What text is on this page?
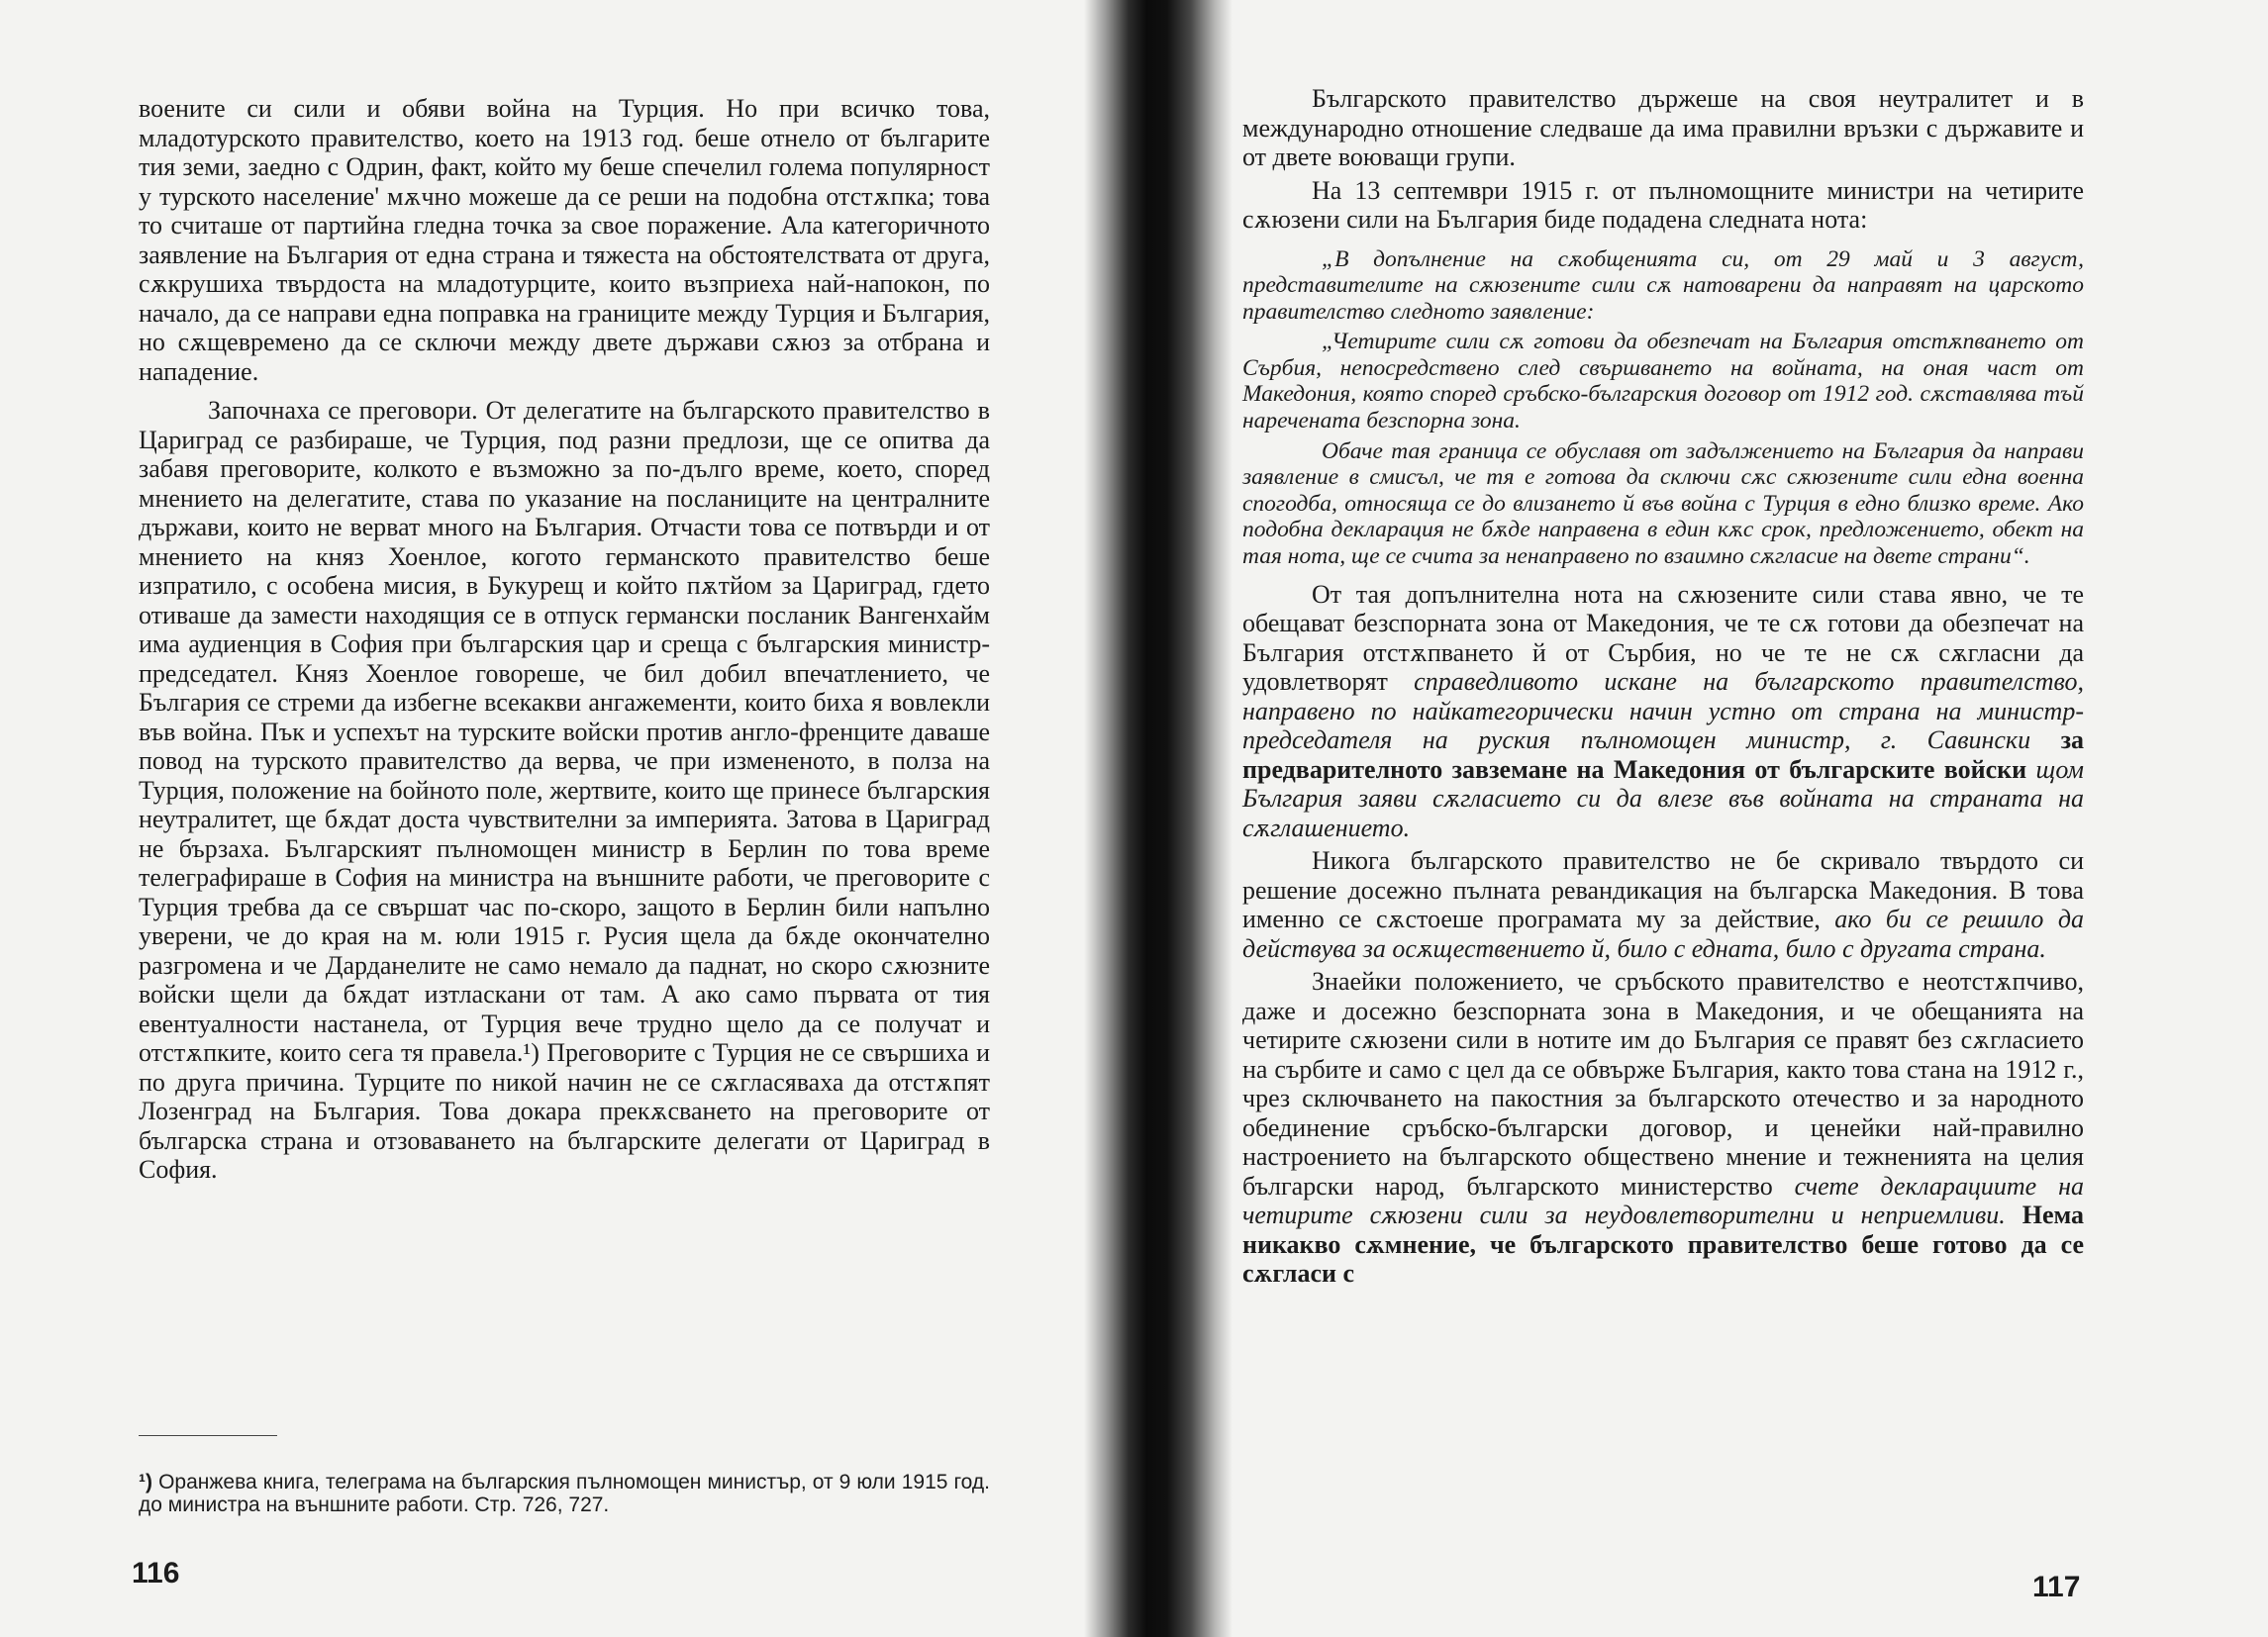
военитe си сили и обяви война на Турция. Но при всичко това, младотурското правителство, което на 1913 год. беше отнело от българите тия земи, заедно с Одрин, факт, който му беше спечелил голема популярност у турското население' мѫчно можеше да се реши на подобна отстѫпка; това то считаше от партийна гледна точка за свое поражение. Ала категоричното заявление на България от една страна и тяжеста на обстоятелствата от друга, сѫкрушиха твърдоста на младотурците, които възприеха най-напокон, по начало, да се направи една поправка на границите между Турция и България, но сѫщевремено да се сключи между двете държави сѫюз за отбрана и нападение.

Започнаха се преговори. От делегатите на българското правителство в Цариград се разбираше, че Турция, под разни предлози, ще се опитва да забавя преговорите, колкото е възможно за по-дълго време, което, според мнението на делегатите, става по указание на посланиците на централните държави, които не верват много на България. Отчасти това се потвърди и от мнението на княз Хоенлое, когото германското правителство беше изпратило, с особена мисия, в Букурещ и който пѫтйом за Цариград, гдето отиваше да замести находящия се в отпуск германски посланик Вангенхайм има аудиенция в София при българския цар и среща с българския министр-председател. Княз Хоенлое говореше, че бил добил впечатлението, че България се стреми да избегне всекакви ангажементи, които биха я вовлекли във война. Пък и успехът на турските войски против англо-френците даваше повод на турското правителство да верва, че при измененото, в полза на Турция, положение на бойното поле, жертвите, които ще принесе българския неутралитет, ще бѫдат доста чувствителни за империята. Затова в Цариград не бързаха. Българският пълномощен министр в Берлин по това време телеграфираше в София на министра на външните работи, че преговорите с Турция требва да се свършат час по-скоро, защото в Берлин били напълно уверени, че до края на м. юли 1915 г. Русия щела да бѫде окончателно разгромена и че Дарданелите не само немало да паднат, но скоро сѫюзните войски щели да бѫдат изтласкани от там. А ако само първата от тия евентуалности настанела, от Турция вече трудно щело да се получат и отстѫпките, които сега тя правела.¹) Преговорите с Турция не се свършиха и по друга причина. Турците по никой начин не се сѫгласяваха да отстѫпят Лозенград на България. Това докара прекѫсването на преговорите от българска страна и отзоваването на българските делегати от Цариград в София.

¹) Оранжева книга, телеграма на българския пълномощен министър, от 9 юли 1915 год. до министра на външните работи. Стр. 726, 727.
116

Българското правителство държеше на своя неутралитет и в международно отношение следваше да има правилни връзки с държавите и от двете воюващи групи.

На 13 септември 1915 г. от пълномощните министри на четирите сѫюзени сили на България биде подадена следната нота:

„В допълнение на сѫобщенията си, от 29 май и 3 август, представителите на сѫюзените сили сѫ натоварени да направят на царското правителство следното заявление:

„Четирите сили сѫ готови да обезпечат на България отстѫпването от Сърбия, непосредствено след свършването на войната, на оная част от Македония, която според сръбско-българския договор от 1912 год. сѫставлява тъй наречената безспорна зона.

Обаче тая граница се обуславя от задължението на България да направи заявление в смисъл, че тя е готова да сключи сѫс сѫюзените сили една военна спогодба, относяща се до влизането й във война с Турция в едно близко време. Ако подобна декларация не бѫде направена в един кѫс срок, предложението, обект на тая нота, ще се счита за ненаправено по взаимно сѫгласие на двете страни“.

От тая допълнителна нота на сѫюзените сили става явно, че те обещават безспорната зона от Македония, че те сѫ готови да обезпечат на България отстѫпването й от Сърбия, но че те не сѫ сѫгласни да удовлетворят справедливото искане на българското правителство, направено по найкатегорически начин устно от страна на министр-председателя на руския пълномощен министр, г. Савински за предварителното завземане на Македония от българските войски щом България заяви сѫгласието си да влезе във войната на страната на сѫглашението.

Никога българското правителство не бе скривало твърдото си решение досежно пълната ревандикация на българска Македония. В това именно се сѫстоеше програмата му за действие, ако би се решило да действува за осѫществението й, било с едната, било с другата страна.

Знаейки положението, че сръбското правителство е неотстѫпчиво, даже и досежно безспорната зона в Македония, и че обещанията на четирите сѫюзени сили в нотите им до България се правят без сѫгласието на сърбите и само с цел да се обвърже България, както това стана на 1912 г., чрез сключването на пакостния за българското отечество и за народното обединение сръбско-български договор, и ценейки най-правилно настроението на българското обществено мнение и тежненията на целия български народ, българското министерство счете декларациите на четирите сѫюзени сили за неудовлетворителни и неприемливи. Нема никакво сѫмнение, че българското правителство беше готово да се сѫгласи с

117
